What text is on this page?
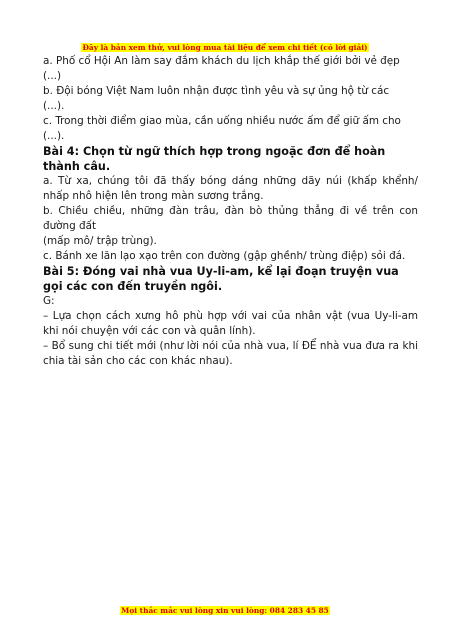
Đây là bản xem thử, vui lòng mua tài liệu để xem chi tiết (có lời giải)

a. Phố cổ Hội An làm say đắm khách du lịch khắp thế giới bởi vẻ đẹp

(...)

b. Đội bóng Việt Nam luôn nhận được tình yêu và sự ủng hộ từ các

(...).

c. Trong thời điểm giao mùa, cần uống nhiều nước ấm để giữ ấm cho

(...).

Bài 4: Chọn từ ngữ thích hợp trong ngoặc đơn để hoàn thành câu.

a. Từ xa, chúng tôi đã thấy bóng dáng những dãy núi (khấp khểnh/ nhấp nhô hiện lên trong màn sương trắng.

b. Chiều chiều, những đàn trâu, đàn bò thủng thẳng đi về trên con đường đất

(mấp mô/ trập trùng).

c. Bánh xe lăn lạo xạo trên con đường (gập ghềnh/ trùng điệp) sỏi đá.

Bài 5: Đóng vai nhà vua Uy-li-am, kể lại đoạn truyện vua gọi các con đến truyền ngôi.

G:

– Lựa chọn cách xưng hô phù hợp với vai của nhân vật (vua Uy-li-am khi nói chuyện với các con và quân lính).

– Bổ sung chi tiết mới (như lời nói của nhà vua, lí ĐỂ nhà vua đưa ra khi chia tài sản cho các con khác nhau).

Mọi thắc mắc vui lòng xin vui lòng: 084 283 45 85
